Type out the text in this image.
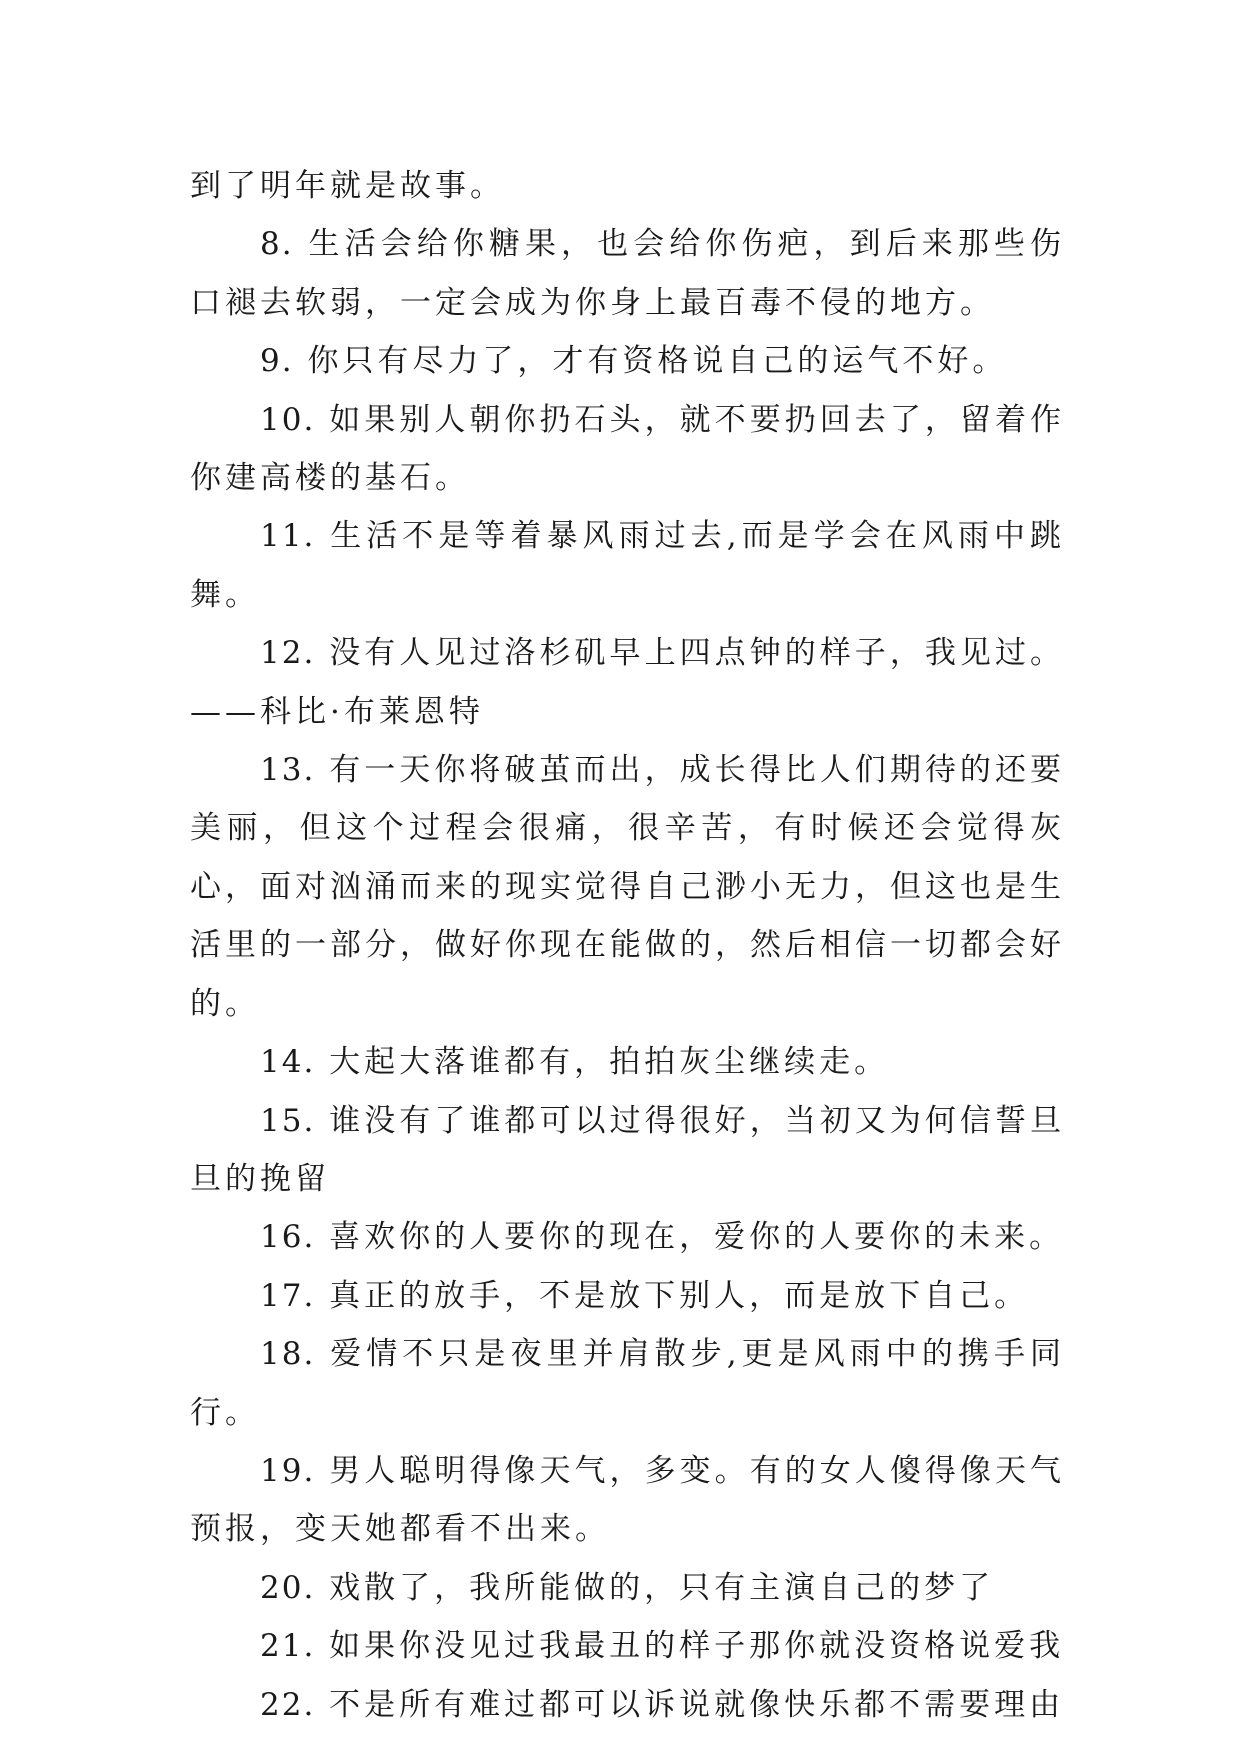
到了明年就是故事。

8. 生活会给你糖果，也会给你伤疤，到后来那些伤口褪去软弱，一定会成为你身上最百毒不侵的地方。

9. 你只有尽力了，才有资格说自己的运气不好。

10. 如果别人朝你扔石头，就不要扔回去了，留着作你建高楼的基石。

11. 生活不是等着暴风雨过去,而是学会在风雨中跳舞。

12. 没有人见过洛杉矶早上四点钟的样子，我见过。——科比·布莱恩特

13. 有一天你将破茧而出，成长得比人们期待的还要美丽，但这个过程会很痛，很辛苦，有时候还会觉得灰心，面对汹涌而来的现实觉得自己渺小无力，但这也是生活里的一部分，做好你现在能做的，然后相信一切都会好的。

14. 大起大落谁都有，拍拍灰尘继续走。

15. 谁没有了谁都可以过得很好，当初又为何信誓旦旦的挽留

16. 喜欢你的人要你的现在，爱你的人要你的未来。

17. 真正的放手，不是放下别人，而是放下自己。

18. 爱情不只是夜里并肩散步,更是风雨中的携手同行。

19. 男人聪明得像天气，多变。有的女人傻得像天气预报，变天她都看不出来。

20. 戏散了，我所能做的，只有主演自己的梦了

21. 如果你没见过我最丑的样子那你就没资格说爱我

22. 不是所有难过都可以诉说就像快乐都不需要理由
